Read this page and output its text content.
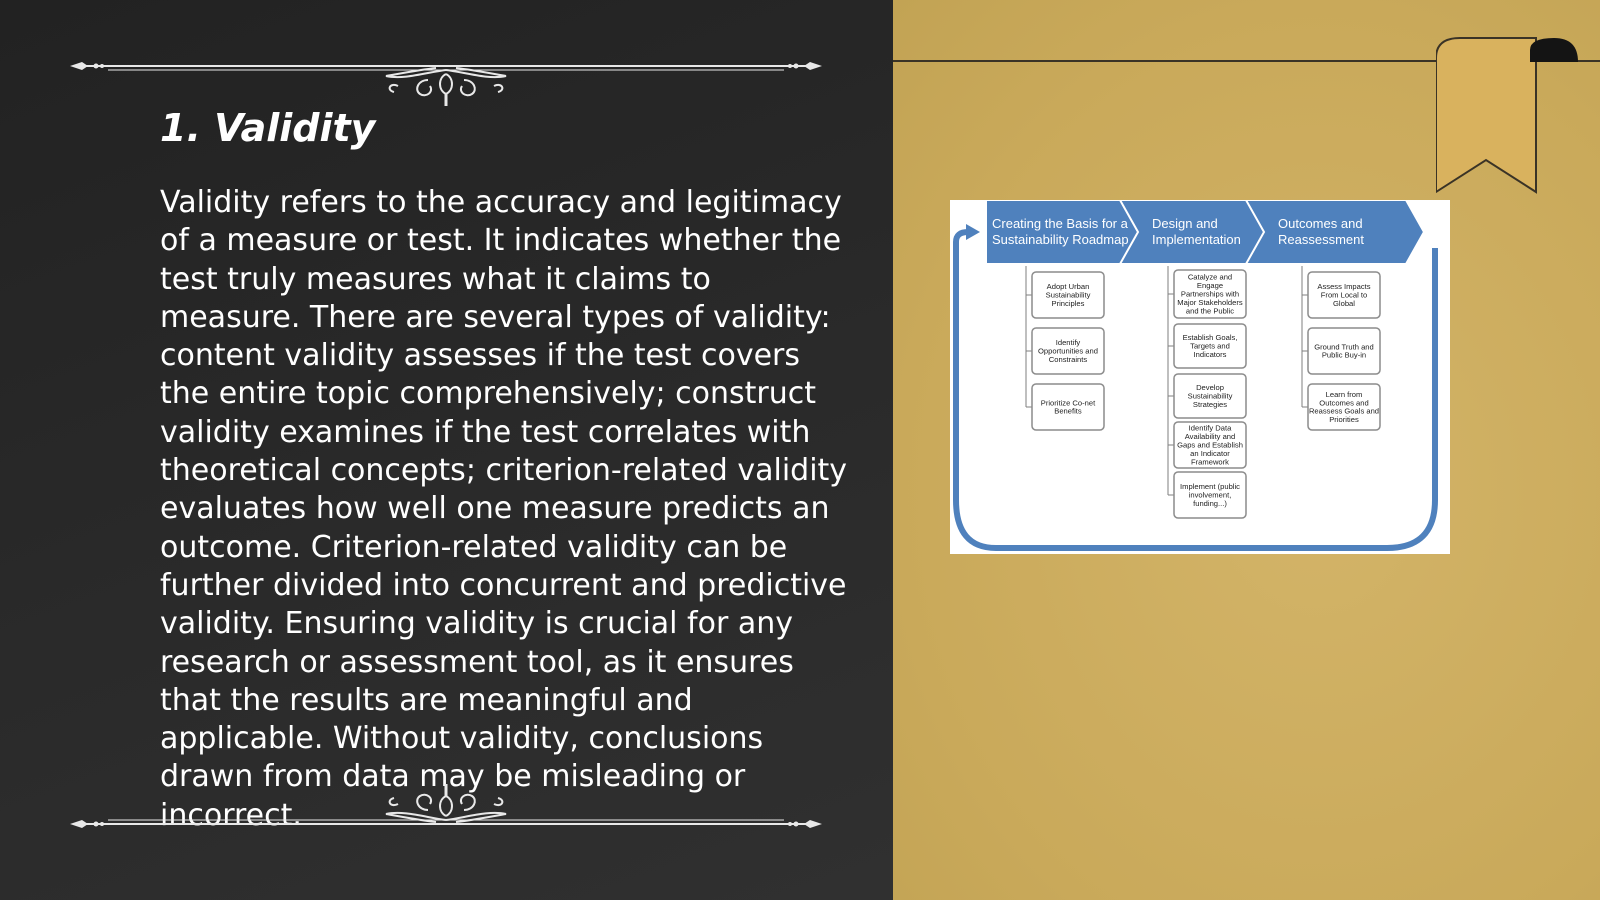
1. Validity

Validity refers to the accuracy and legitimacy of a measure or test. It indicates whether the test truly measures what it claims to measure. There are several types of validity: content validity assesses if the test covers the entire topic comprehensively; construct validity examines if the test correlates with theoretical concepts; criterion-related validity evaluates how well one measure predicts an outcome. Criterion-related validity can be further divided into concurrent and predictive validity. Ensuring validity is crucial for any research or assessment tool, as it ensures that the results are meaningful and applicable. Without validity, conclusions drawn from data may be misleading or incorrect.

Creating the Basis for a
Sustainability Roadmap
Design and
Implementation
Outcomes and
Reassessment
Adopt Urban
Sustainability
Principles
Identify
Opportunities and
Constraints
Prioritize Co-net
Benefits
Catalyze and
Engage
Partnerships with
Major Stakeholders
and the Public
Establish Goals,
Targets and
Indicators
Develop
Sustainability
Strategies
Identify Data
Availability and
Gaps and Establish
an Indicator
Framework
Implement (public
involvement,
funding...)
Assess Impacts
From Local to
Global
Ground Truth and
Public Buy-in
Learn from
Outcomes and
Reassess Goals and
Priorities
